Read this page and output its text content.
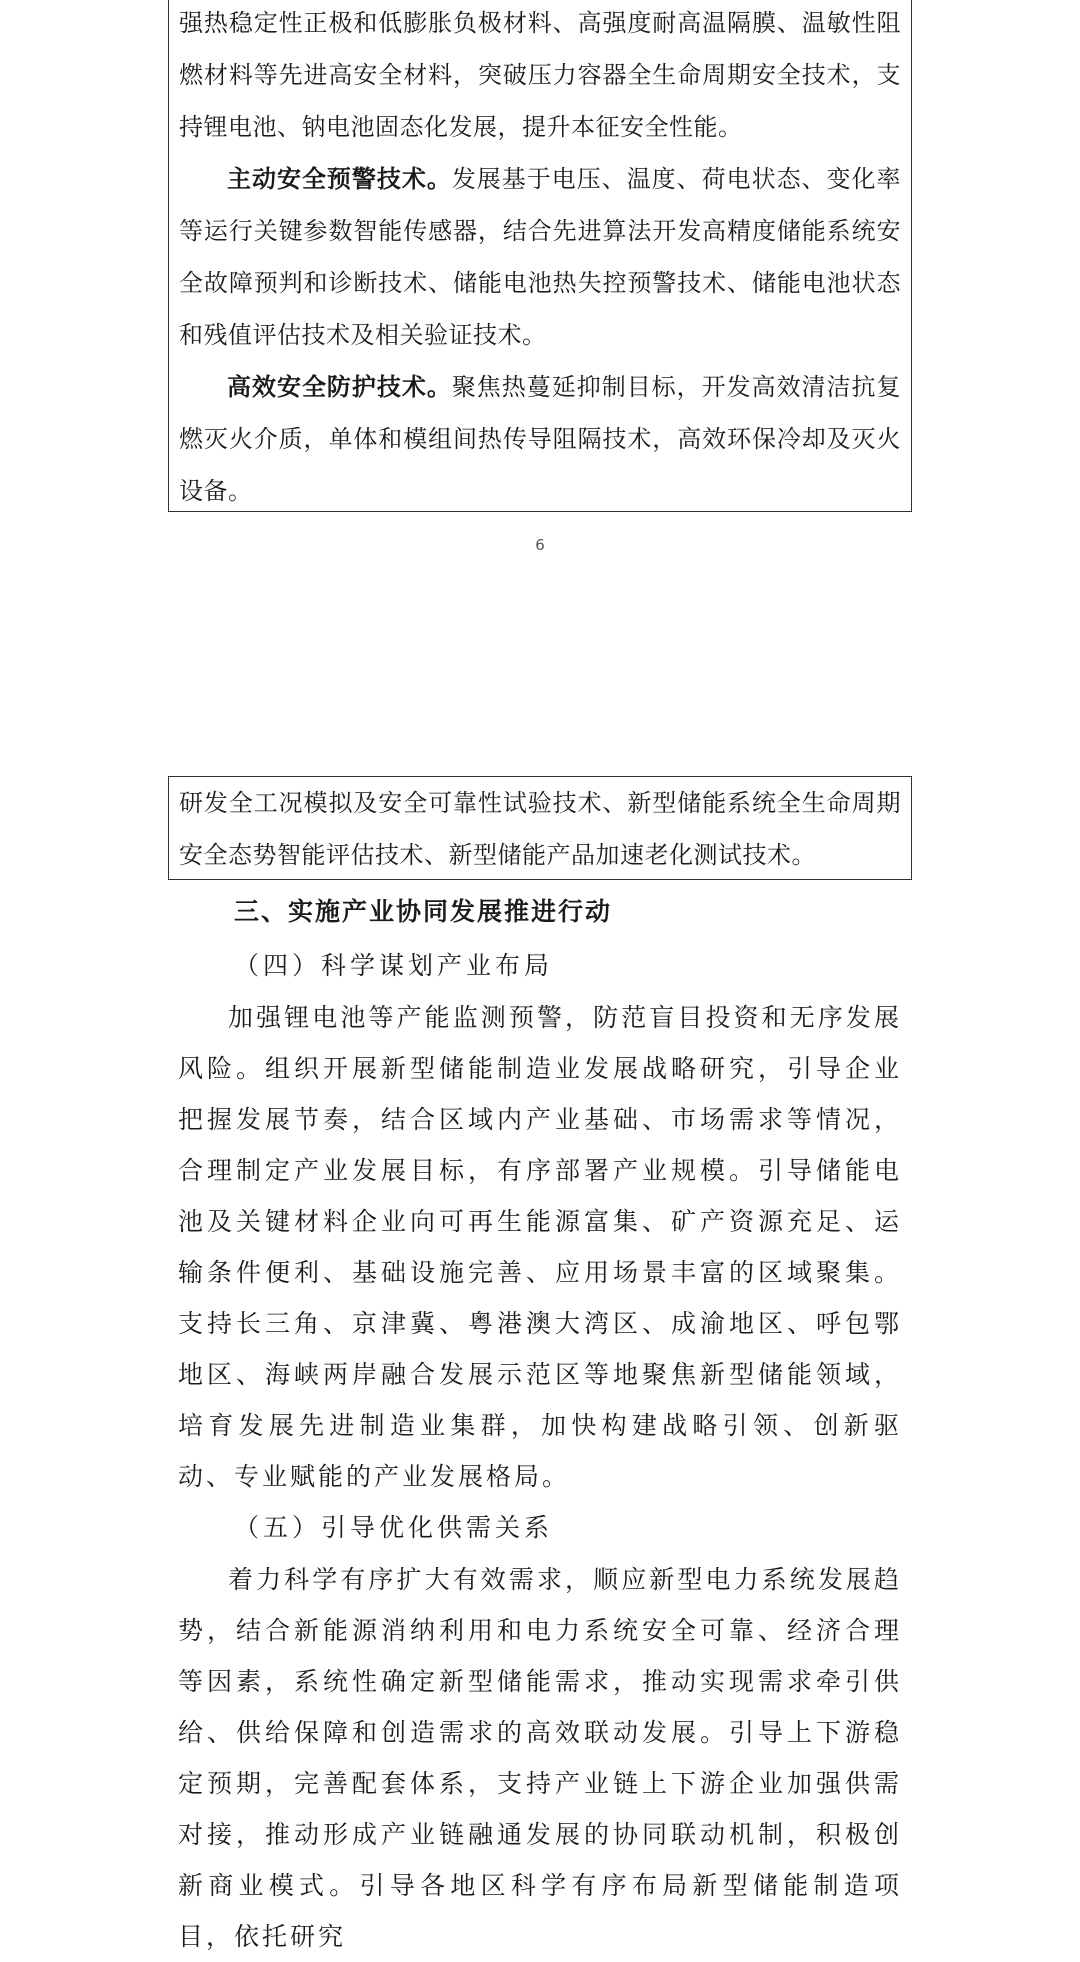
强热稳定性正极和低膨胀负极材料、高强度耐高温隔膜、温敏性阻燃材料等先进高安全材料，突破压力容器全生命周期安全技术，支持锂电池、钠电池固态化发展，提升本征安全性能。

主动安全预警技术。发展基于电压、温度、荷电状态、变化率等运行关键参数智能传感器，结合先进算法开发高精度储能系统安全故障预判和诊断技术、储能电池热失控预警技术、储能电池状态和残值评估技术及相关验证技术。

高效安全防护技术。聚焦热蔓延抑制目标，开发高效清洁抗复燃灭火介质，单体和模组间热传导阻隔技术，高效环保冷却及灭火设备。

6

研发全工况模拟及安全可靠性试验技术、新型储能系统全生命周期安全态势智能评估技术、新型储能产品加速老化测试技术。

三、实施产业协同发展推进行动

（四）科学谋划产业布局

加强锂电池等产能监测预警，防范盲目投资和无序发展风险。组织开展新型储能制造业发展战略研究，引导企业把握发展节奏，结合区域内产业基础、市场需求等情况，合理制定产业发展目标，有序部署产业规模。引导储能电池及关键材料企业向可再生能源富集、矿产资源充足、运输条件便利、基础设施完善、应用场景丰富的区域聚集。支持长三角、京津冀、粤港澳大湾区、成渝地区、呼包鄂地区、海峡两岸融合发展示范区等地聚焦新型储能领域，培育发展先进制造业集群，加快构建战略引领、创新驱动、专业赋能的产业发展格局。

（五）引导优化供需关系

着力科学有序扩大有效需求，顺应新型电力系统发展趋势，结合新能源消纳利用和电力系统安全可靠、经济合理等因素，系统性确定新型储能需求，推动实现需求牵引供给、供给保障和创造需求的高效联动发展。引导上下游稳定预期，完善配套体系，支持产业链上下游企业加强供需对接，推动形成产业链融通发展的协同联动机制，积极创新商业模式。引导各地区科学有序布局新型储能制造项目，依托研究
